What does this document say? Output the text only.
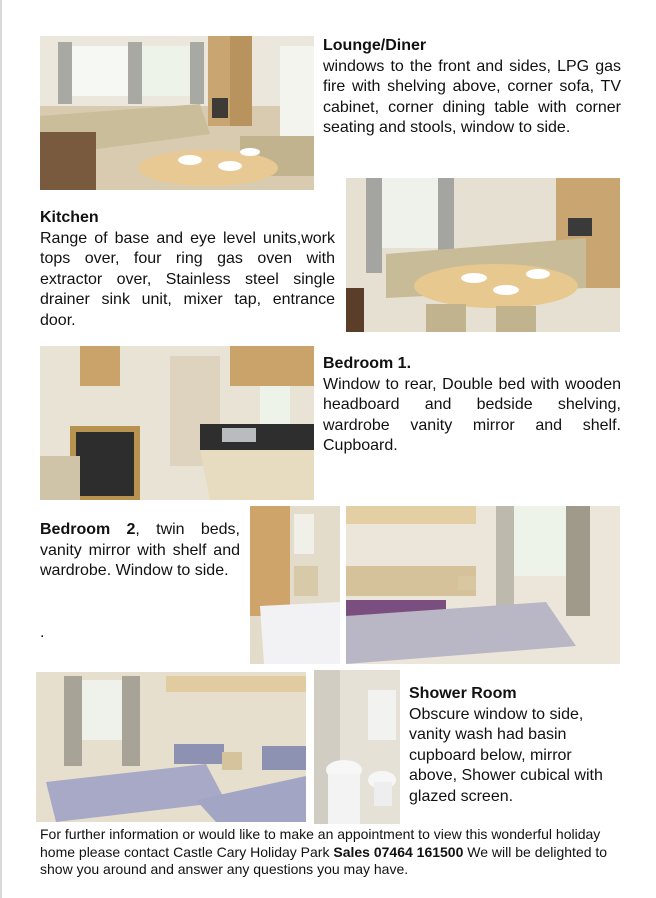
Lounge/Diner
windows to the front and sides, LPG gas fire with shelving above, corner sofa, TV cabinet, corner dining table with corner seating and stools, window to side.
Kitchen
Range of base and eye level units,work tops over, four ring gas oven with extractor over, Stainless steel single drainer sink unit, mixer tap, entrance door.
Bedroom 1.
Window to rear, Double bed with wooden headboard and bedside shelving, wardrobe vanity mirror and shelf. Cupboard.
Bedroom 2, twin beds, vanity mirror with shelf and wardrobe. Window to side.
.
Shower Room
Obscure window to side, vanity wash had basin cupboard below, mirror above, Shower cubical with glazed screen.
For further information or would like to make an appointment to view this wonderful holiday home please contact Castle Cary Holiday Park Sales 07464 161500 We will be delighted to show you around and answer any questions you may have.
